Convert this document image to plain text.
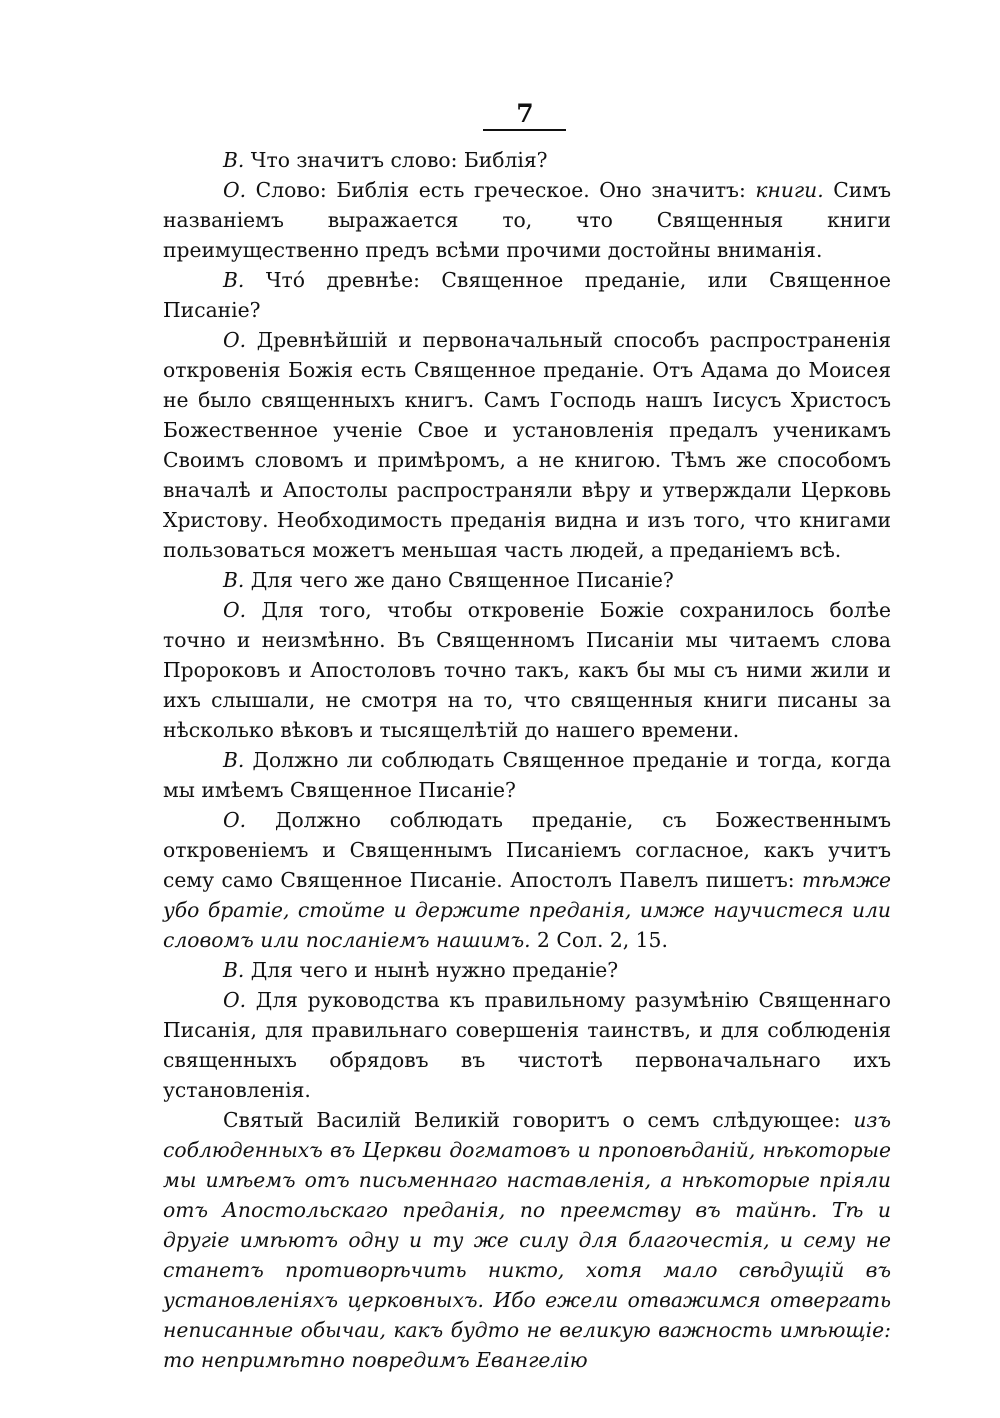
7

В. Что значитъ слово: Библія?

О. Слово: Библія есть греческое. Оно значитъ: книги. Симъ названіемъ выражается то, что Священныя книги преимущественно предъ всѣми прочими достойны вниманія.

В. Что́ древнѣе: Священное преданіе, или Священное Писаніе?

О. Древнѣйшій и первоначальный способъ распространенія откровенія Божія есть Священное преданіе. Отъ Адама до Моисея не было священныхъ книгъ. Самъ Господь нашъ Іисусъ Христосъ Божественное ученіе Свое и установленія предалъ ученикамъ Своимъ словомъ и примѣромъ, а не книгою. Тѣмъ же способомъ вначалѣ и Апостолы распространяли вѣру и утверждали Церковь Христову. Необходимость преданія видна и изъ того, что книгами пользоваться можетъ меньшая часть людей, а преданіемъ всѣ.

В. Для чего же дано Священное Писаніе?

О. Для того, чтобы откровеніе Божіе сохранилось болѣе точно и неизмѣнно. Въ Священномъ Писаніи мы читаемъ слова Пророковъ и Апостоловъ точно такъ, какъ бы мы съ ними жили и ихъ слышали, не смотря на то, что священныя книги писаны за нѣсколько вѣковъ и тысящелѣтій до нашего времени.

В. Должно ли соблюдать Священное преданіе и тогда, когда мы имѣемъ Священное Писаніе?

О. Должно соблюдать преданіе, съ Божественнымъ откровеніемъ и Священнымъ Писаніемъ согласное, какъ учитъ сему само Священное Писаніе. Апостолъ Павелъ пишетъ: тѣмже убо братіе, стойте и держите преданія, имже научистеся или словомъ или посланіемъ нашимъ. 2 Сол. 2, 15.

В. Для чего и нынѣ нужно преданіе?

О. Для руководства къ правильному разумѣнію Священнаго Писанія, для правильнаго совершенія таинствъ, и для соблюденія священныхъ обрядовъ въ чистотѣ первоначальнаго ихъ установленія.

Святый Василій Великій говоритъ о семъ слѣдующее: изъ соблюденныхъ въ Церкви догматовъ и проповѣданій, нѣкоторые мы имѣемъ отъ письменнаго наставленія, а нѣкоторые пріяли отъ Апостольскаго преданія, по преемству въ тайнѣ. Тѣ и другіе имѣютъ одну и ту же силу для благочестія, и сему не станетъ противорѣчить никто, хотя мало свѣдущій въ установленіяхъ церковныхъ. Ибо ежели отважимся отвергать неписанные обычаи, какъ будто не великую важность имѣющіе: то непримѣтно повредимъ Евангелію
